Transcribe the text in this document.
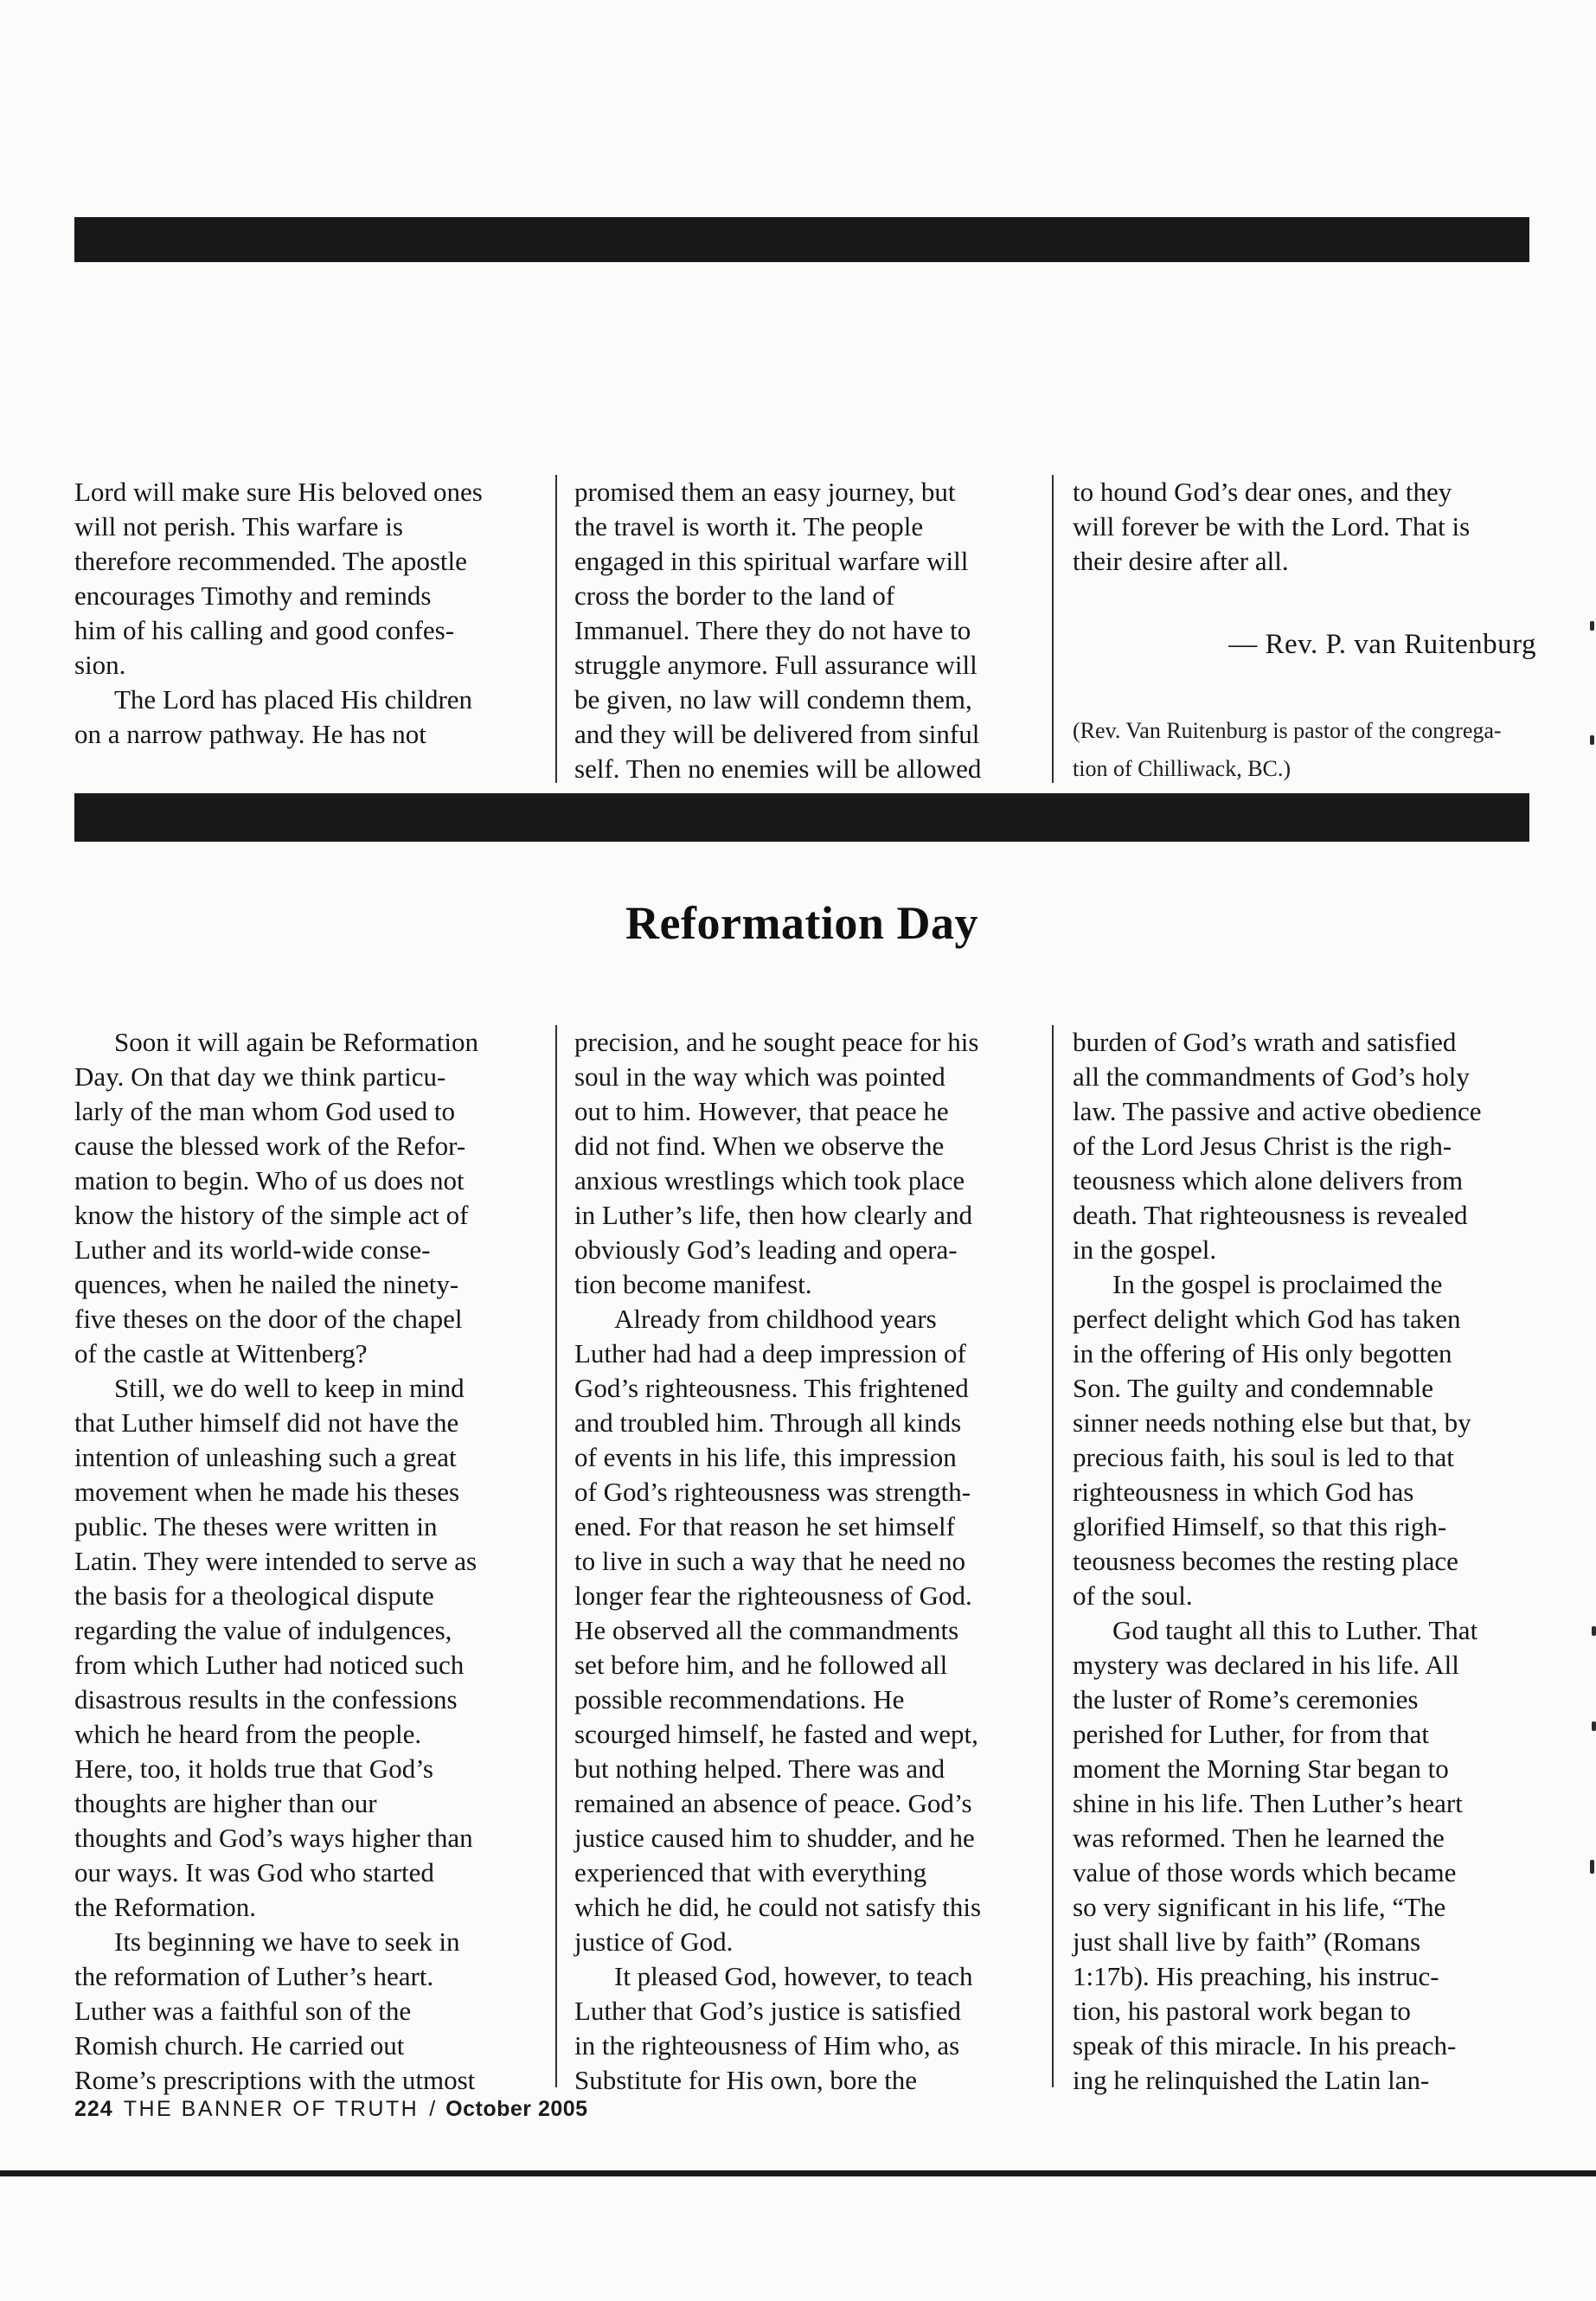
Lord will make sure His beloved ones
will not perish. This warfare is
therefore recommended. The apostle
encourages Timothy and reminds
him of his calling and good confes-
sion.
The Lord has placed His children
on a narrow pathway. He has not
promised them an easy journey, but
the travel is worth it. The people
engaged in this spiritual warfare will
cross the border to the land of
Immanuel. There they do not have to
struggle anymore. Full assurance will
be given, no law will condemn them,
and they will be delivered from sinful
self. Then no enemies will be allowed
to hound God’s dear ones, and they
will forever be with the Lord. That is
their desire after all.
— Rev. P. van Ruitenburg
(Rev. Van Ruitenburg is pastor of the congrega-
tion of Chilliwack, BC.)
Reformation Day
Soon it will again be Reformation
Day. On that day we think particu-
larly of the man whom God used to
cause the blessed work of the Refor-
mation to begin. Who of us does not
know the history of the simple act of
Luther and its world-wide conse-
quences, when he nailed the ninety-
five theses on the door of the chapel
of the castle at Wittenberg?
Still, we do well to keep in mind
that Luther himself did not have the
intention of unleashing such a great
movement when he made his theses
public. The theses were written in
Latin. They were intended to serve as
the basis for a theological dispute
regarding the value of indulgences,
from which Luther had noticed such
disastrous results in the confessions
which he heard from the people.
Here, too, it holds true that God’s
thoughts are higher than our
thoughts and God’s ways higher than
our ways. It was God who started
the Reformation.
Its beginning we have to seek in
the reformation of Luther’s heart.
Luther was a faithful son of the
Romish church. He carried out
Rome’s prescriptions with the utmost
precision, and he sought peace for his
soul in the way which was pointed
out to him. However, that peace he
did not find. When we observe the
anxious wrestlings which took place
in Luther’s life, then how clearly and
obviously God’s leading and opera-
tion become manifest.
Already from childhood years
Luther had had a deep impression of
God’s righteousness. This frightened
and troubled him. Through all kinds
of events in his life, this impression
of God’s righteousness was strength-
ened. For that reason he set himself
to live in such a way that he need no
longer fear the righteousness of God.
He observed all the commandments
set before him, and he followed all
possible recommendations. He
scourged himself, he fasted and wept,
but nothing helped. There was and
remained an absence of peace. God’s
justice caused him to shudder, and he
experienced that with everything
which he did, he could not satisfy this
justice of God.
It pleased God, however, to teach
Luther that God’s justice is satisfied
in the righteousness of Him who, as
Substitute for His own, bore the
burden of God’s wrath and satisfied
all the commandments of God’s holy
law. The passive and active obedience
of the Lord Jesus Christ is the righ-
teousness which alone delivers from
death. That righteousness is revealed
in the gospel.
In the gospel is proclaimed the
perfect delight which God has taken
in the offering of His only begotten
Son. The guilty and condemnable
sinner needs nothing else but that, by
precious faith, his soul is led to that
righteousness in which God has
glorified Himself, so that this righ-
teousness becomes the resting place
of the soul.
God taught all this to Luther. That
mystery was declared in his life. All
the luster of Rome’s ceremonies
perished for Luther, for from that
moment the Morning Star began to
shine in his life. Then Luther’s heart
was reformed. Then he learned the
value of those words which became
so very significant in his life, “The
just shall live by faith” (Romans
1:17b). His preaching, his instruc-
tion, his pastoral work began to
speak of this miracle. In his preach-
ing he relinquished the Latin lan-
224 THE BANNER OF TRUTH / October 2005
